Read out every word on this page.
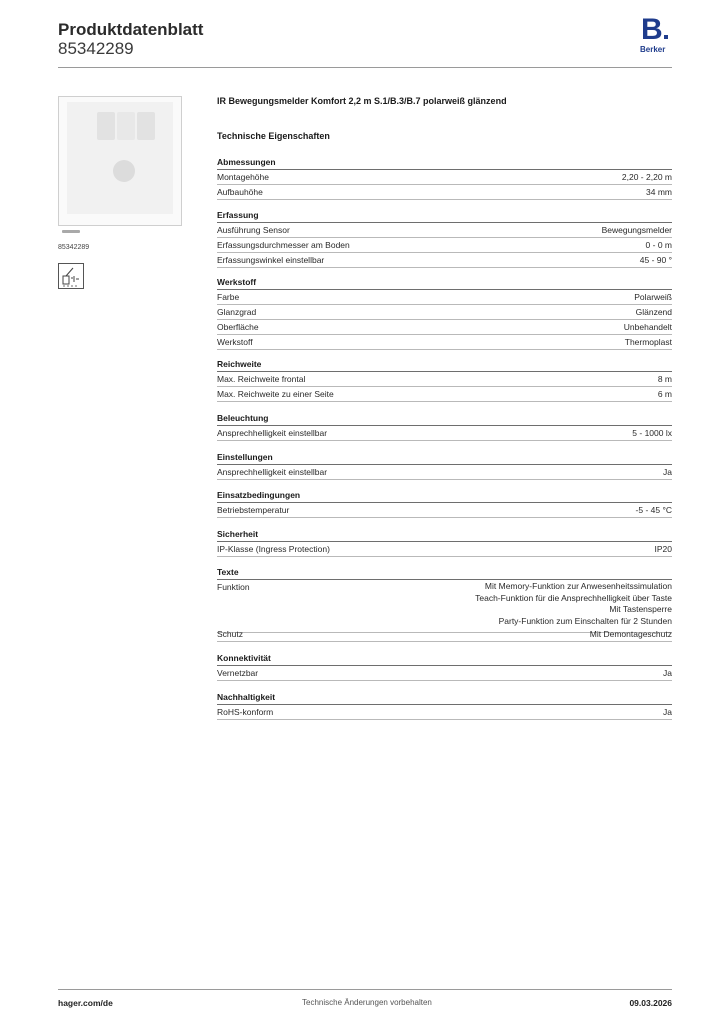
Produktdatenblatt
85342289
B
Berker
85342289
IR Bewegungsmelder Komfort 2,2 m S.1/B.3/B.7 polarweiß glänzend
Technische Eigenschaften
Abmessungen
Montagehöhe	2,20 - 2,20 m
Aufbauhöhe	34 mm
Erfassung
Ausführung Sensor	Bewegungsmelder
Erfassungsdurchmesser am Boden	0 - 0 m
Erfassungswinkel einstellbar	45 - 90 °
Werkstoff
Farbe	Polarweiß
Glanzgrad	Glänzend
Oberfläche	Unbehandelt
Werkstoff	Thermoplast
Reichweite
Max. Reichweite frontal	8 m
Max. Reichweite zu einer Seite	6 m
Beleuchtung
Ansprechhelligkeit einstellbar	5 - 1000 lx
Einstellungen
Ansprechhelligkeit einstellbar	Ja
Einsatzbedingungen
Betriebstemperatur	-5 - 45 °C
Sicherheit
IP-Klasse (Ingress Protection)	IP20
Texte
Funktion	Mit Memory-Funktion zur Anwesenheitssimulation
Teach-Funktion für die Ansprechhelligkeit über Taste
Mit Tastensperre
Party-Funktion zum Einschalten für 2 Stunden
Schutz	Mit Demontageschutz
Konnektivität
Vernetzbar	Ja
Nachhaltigkeit
RoHS-konform	Ja
hager.com/de	Technische Änderungen vorbehalten	09.03.2026
